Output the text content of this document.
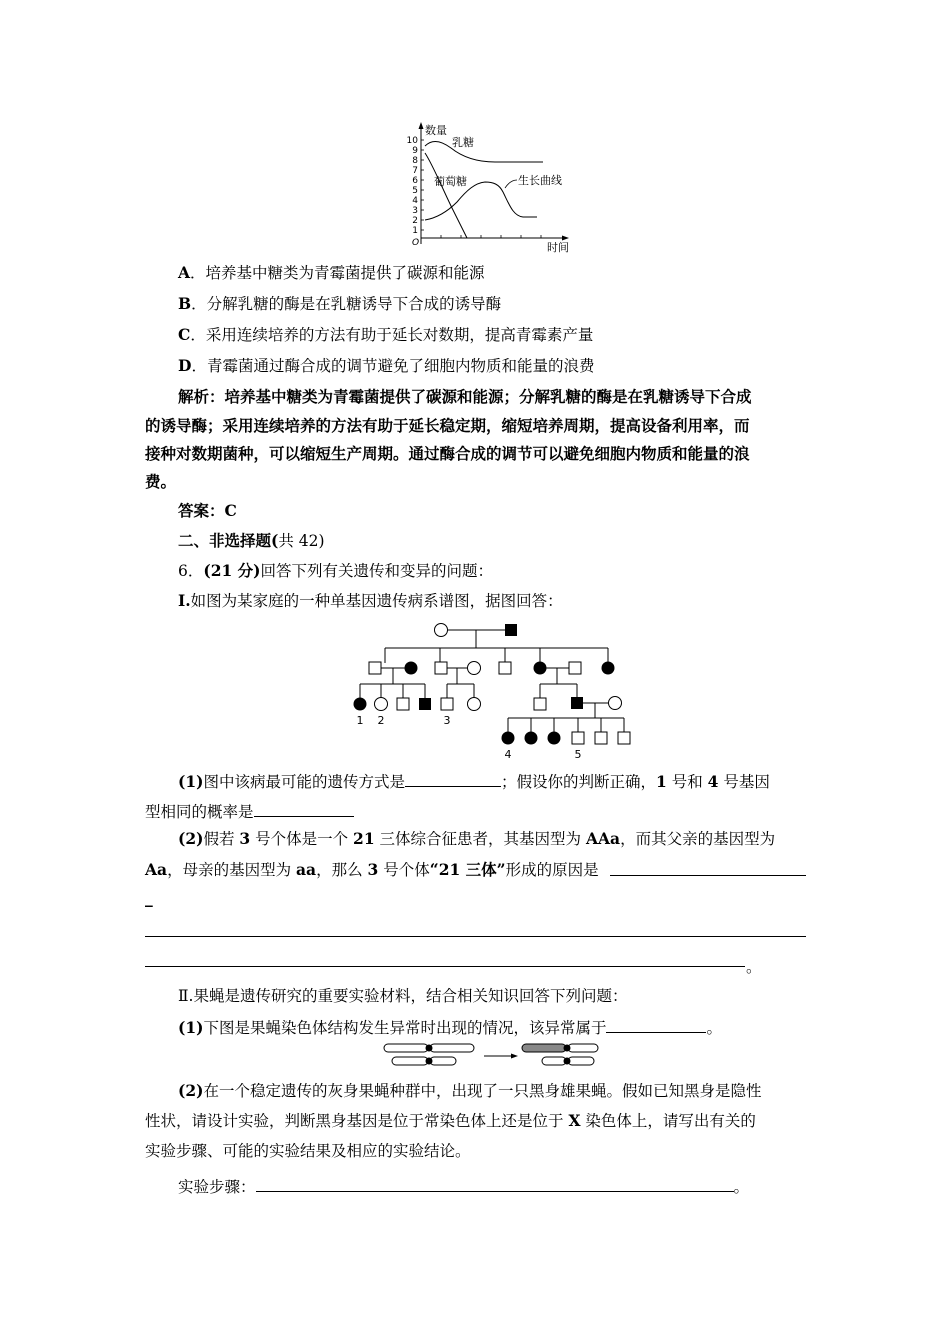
10
9
8
7
6
5
4
3
2
1
数量
时间
O
乳糖
葡萄糖	生长曲线
A．培养基中糖类为青霉菌提供了碳源和能源
B．分解乳糖的酶是在乳糖诱导下合成的诱导酶
C．采用连续培养的方法有助于延长对数期，提高青霉素产量
D．青霉菌通过酶合成的调节避免了细胞内物质和能量的浪费
解析：培养基中糖类为青霉菌提供了碳源和能源；分解乳糖的酶是在乳糖诱导下合成
的诱导酶；采用连续培养的方法有助于延长稳定期，缩短培养周期，提高设备利用率，而
接种对数期菌种，可以缩短生产周期。通过酶合成的调节可以避免细胞内物质和能量的浪
费。
答案：C
二、非选择题(共 42)
6．(21 分)回答下列有关遗传和变异的问题：
Ⅰ.如图为某家庭的一种单基因遗传病系谱图，据图回答：
1 2	3
4	5
(1)图中该病最可能的遗传方式是	；假设你的判断正确，1 号和 4 号基因
型相同的概率是
(2)假若 3 号个体是一个 21 三体综合征患者，其基因型为 AAa，而其父亲的基因型为
Aa，母亲的基因型为 aa，那么 3 号个体“21 三体”形成的原因是
_
。
Ⅱ.果蝇是遗传研究的重要实验材料，结合相关知识回答下列问题：
(1)下图是果蝇染色体结构发生异常时出现的情况，该异常属于	。
(2)在一个稳定遗传的灰身果蝇种群中，出现了一只黑身雄果蝇。假如已知黑身是隐性
性状，请设计实验，判断黑身基因是位于常染色体上还是位于 X 染色体上，请写出有关的
实验步骤、可能的实验结果及相应的实验结论。
实验步骤：	。
